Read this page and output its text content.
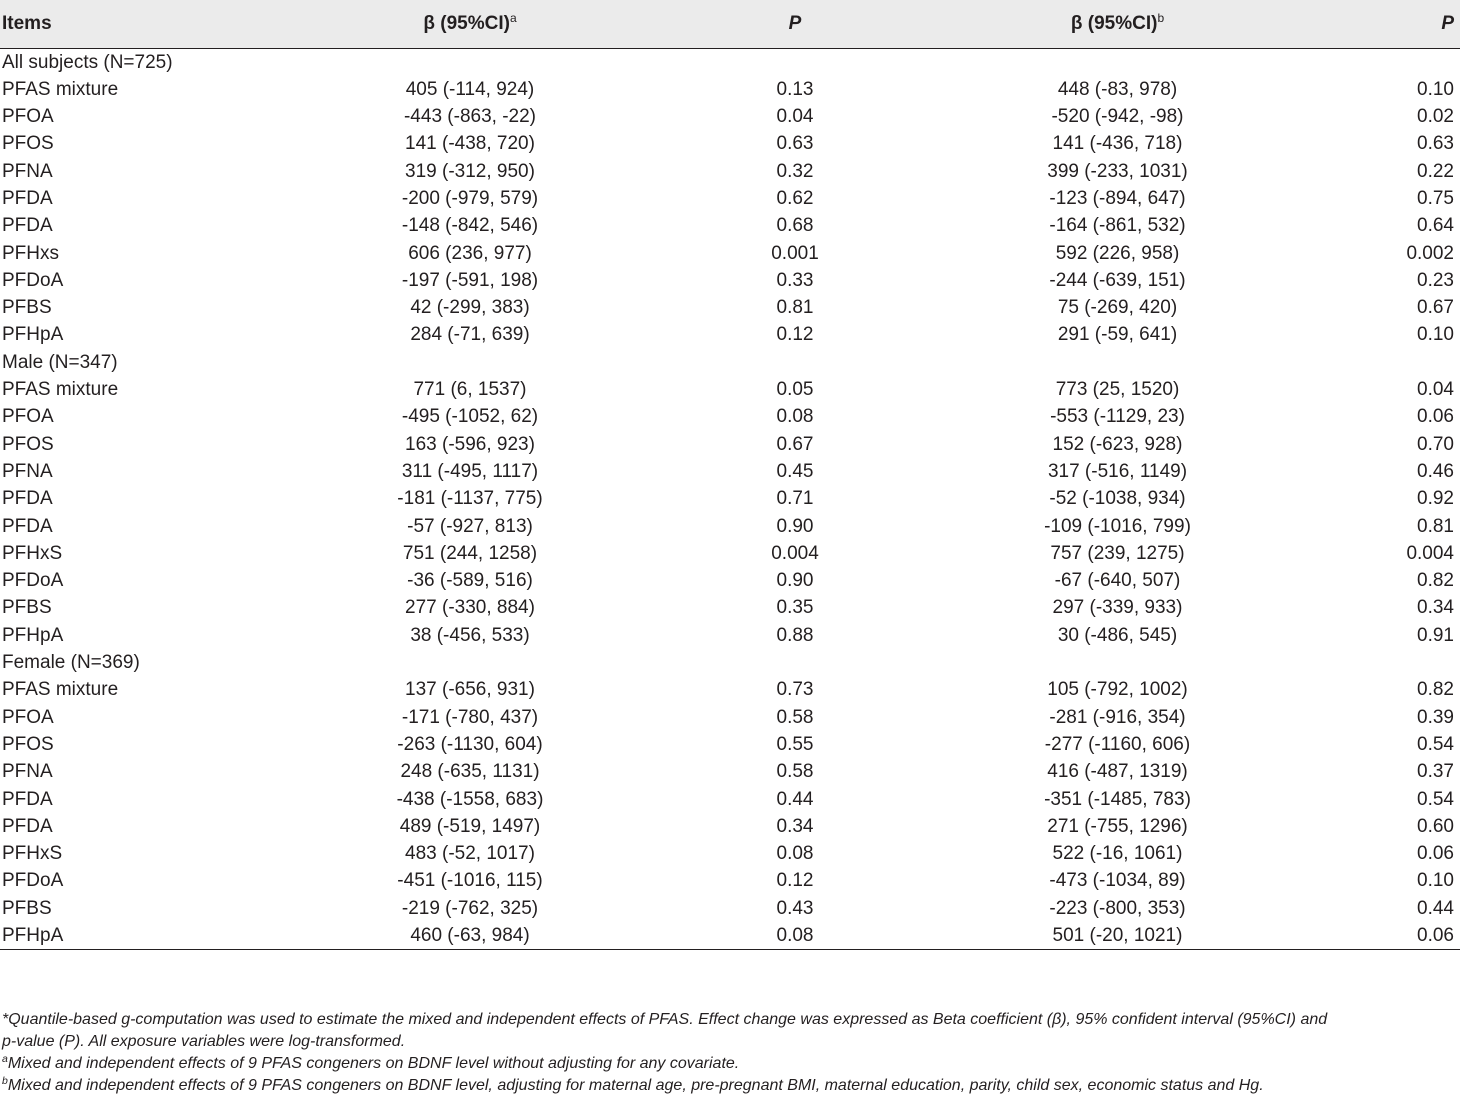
Items	β $(95\%CI)^a$	P	β $(95\%CI)^b$	P
All subjects (N=725)				
PFAS mixture	405 (-114, 924)	0.13	448 (-83, 978)	0.10
PFOA	-443 (-863, -22)	0.04	-520 (-942, -98)	0.02
PFOS	141 (-438, 720)	0.63	141 (-436, 718)	0.63
PFNA	319 (-312, 950)	0.32	399 (-233, 1031)	0.22
PFDA	-200 (-979, 579)	0.62	-123 (-894, 647)	0.75
PFDA	-148 (-842, 546)	0.68	-164 (-861, 532)	0.64
PFHxs	606 (236, 977)	0.001	592 (226, 958)	0.002
PFDoA	-197 (-591, 198)	0.33	-244 (-639, 151)	0.23
PFBS	42 (-299, 383)	0.81	75 (-269, 420)	0.67
PFHpA	284 (-71, 639)	0.12	291 (-59, 641)	0.10
Male (N=347)				
PFAS mixture	771 (6, 1537)	0.05	773 (25, 1520)	0.04
PFOA	-495 (-1052, 62)	0.08	-553 (-1129, 23)	0.06
PFOS	163 (-596, 923)	0.67	152 (-623, 928)	0.70
PFNA	311 (-495, 1117)	0.45	317 (-516, 1149)	0.46
PFDA	-181 (-1137, 775)	0.71	-52 (-1038, 934)	0.92
PFDA	-57 (-927, 813)	0.90	-109 (-1016, 799)	0.81
PFHxS	751 (244, 1258)	0.004	757 (239, 1275)	0.004
PFDoA	-36 (-589, 516)	0.90	-67 (-640, 507)	0.82
PFBS	277 (-330, 884)	0.35	297 (-339, 933)	0.34
PFHpA	38 (-456, 533)	0.88	30 (-486, 545)	0.91
Female (N=369)				
PFAS mixture	137 (-656, 931)	0.73	105 (-792, 1002)	0.82
PFOA	-171 (-780, 437)	0.58	-281 (-916, 354)	0.39
PFOS	-263 (-1130, 604)	0.55	-277 (-1160, 606)	0.54
PFNA	248 (-635, 1131)	0.58	416 (-487, 1319)	0.37
PFDA	-438 (-1558, 683)	0.44	-351 (-1485, 783)	0.54
PFDA	489 (-519, 1497)	0.34	271 (-755, 1296)	0.60
PFHxS	483 (-52, 1017)	0.08	522 (-16, 1061)	0.06
PFDoA	-451 (-1016, 115)	0.12	-473 (-1034, 89)	0.10
PFBS	-219 (-762, 325)	0.43	-223 (-800, 353)	0.44
PFHpA	460 (-63, 984)	0.08	501 (-20, 1021)	0.06

*Quantile-based g-computation was used to estimate the mixed and independent effects of PFAS. Effect change was expressed as Beta coefficient (β), 95% confident interval (95%CI) and

p-value (P). All exposure variables were log-transformed.

$^a$Mixed and independent effects of 9 PFAS congeners on BDNF level without adjusting for any covariate.

$^b$Mixed and independent effects of 9 PFAS congeners on BDNF level, adjusting for maternal age, pre-pregnant BMI, maternal education, parity, child sex, economic status and Hg.
